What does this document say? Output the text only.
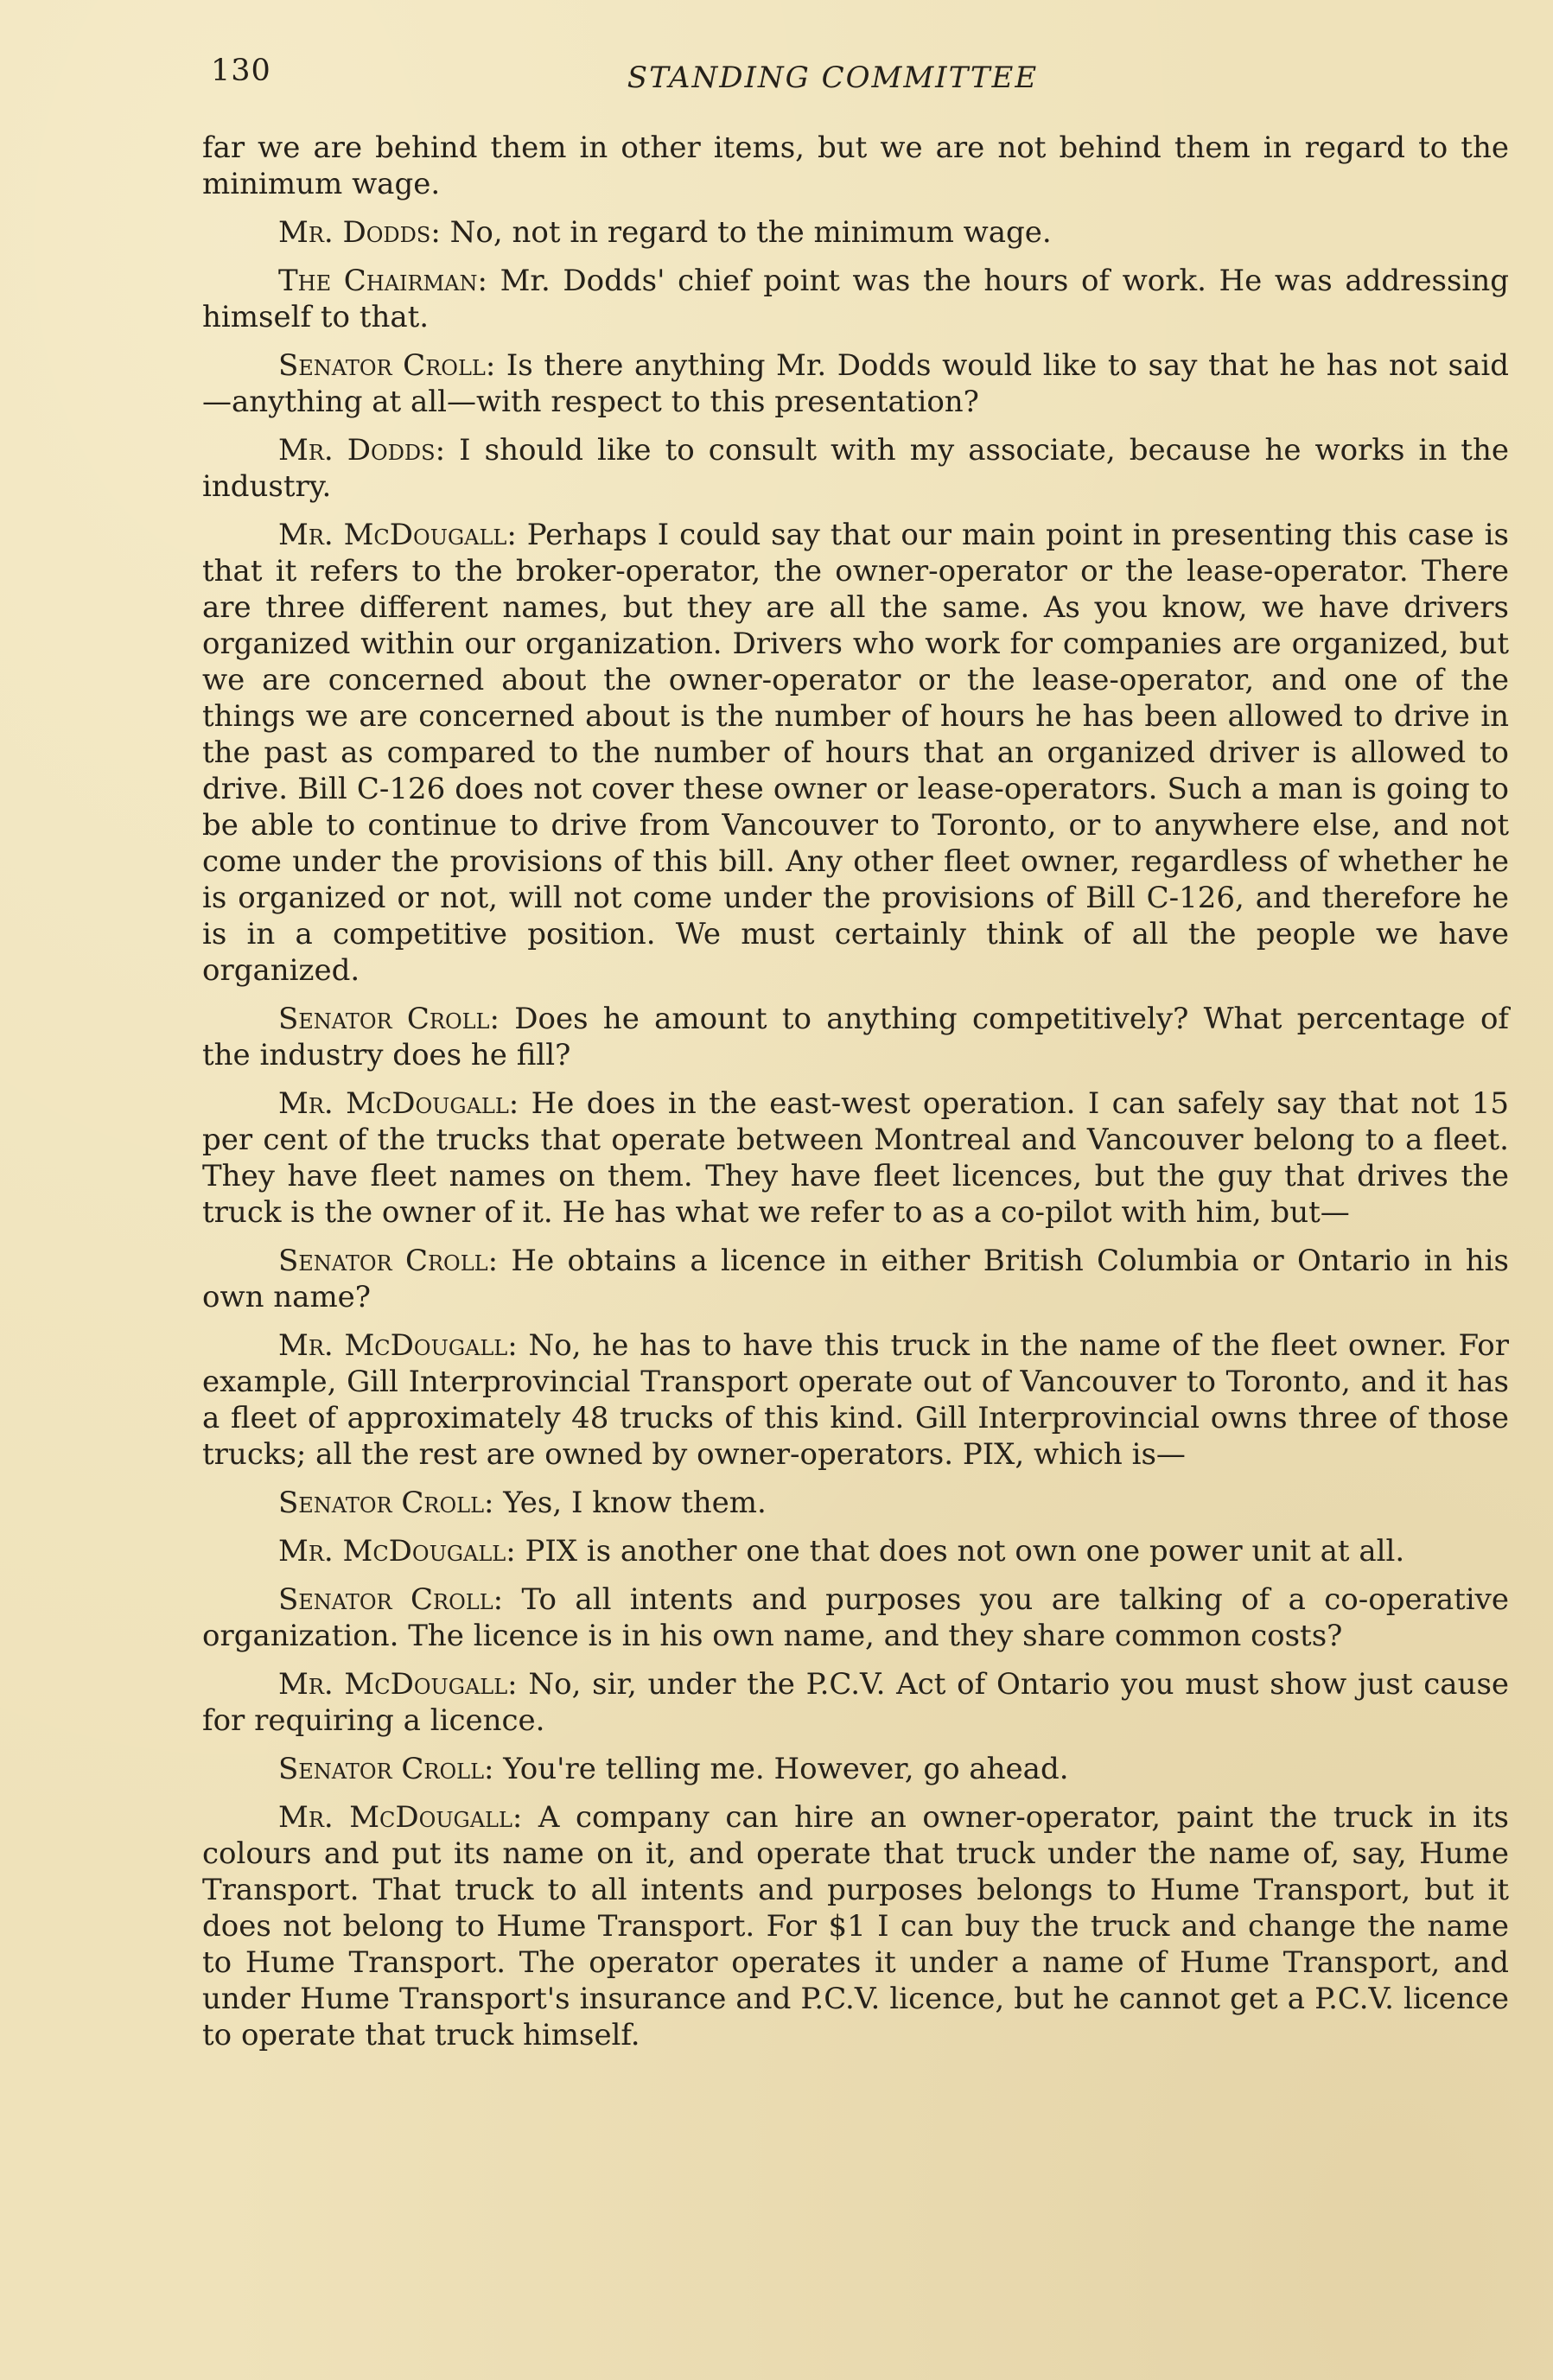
130	STANDING COMMITTEE

far we are behind them in other items, but we are not behind them in regard to the minimum wage.

Mr. Dodds: No, not in regard to the minimum wage.

The Chairman: Mr. Dodds' chief point was the hours of work. He was addressing himself to that.

Senator Croll: Is there anything Mr. Dodds would like to say that he has not said—anything at all—with respect to this presentation?

Mr. Dodds: I should like to consult with my associate, because he works in the industry.

Mr. McDougall: Perhaps I could say that our main point in presenting this case is that it refers to the broker-operator, the owner-operator or the lease-operator. There are three different names, but they are all the same. As you know, we have drivers organized within our organization. Drivers who work for companies are organized, but we are concerned about the owner-operator or the lease-operator, and one of the things we are concerned about is the number of hours he has been allowed to drive in the past as compared to the number of hours that an organized driver is allowed to drive. Bill C-126 does not cover these owner or lease-operators. Such a man is going to be able to continue to drive from Vancouver to Toronto, or to anywhere else, and not come under the provisions of this bill. Any other fleet owner, regardless of whether he is organized or not, will not come under the provisions of Bill C-126, and therefore he is in a competitive position. We must certainly think of all the people we have organized.

Senator Croll: Does he amount to anything competitively? What percentage of the industry does he fill?

Mr. McDougall: He does in the east-west operation. I can safely say that not 15 per cent of the trucks that operate between Montreal and Vancouver belong to a fleet. They have fleet names on them. They have fleet licences, but the guy that drives the truck is the owner of it. He has what we refer to as a co-pilot with him, but—

Senator Croll: He obtains a licence in either British Columbia or Ontario in his own name?

Mr. McDougall: No, he has to have this truck in the name of the fleet owner. For example, Gill Interprovincial Transport operate out of Vancouver to Toronto, and it has a fleet of approximately 48 trucks of this kind. Gill Interprovincial owns three of those trucks; all the rest are owned by owner-operators. PIX, which is—

Senator Croll: Yes, I know them.

Mr. McDougall: PIX is another one that does not own one power unit at all.

Senator Croll: To all intents and purposes you are talking of a co-operative organization. The licence is in his own name, and they share common costs?

Mr. McDougall: No, sir, under the P.C.V. Act of Ontario you must show just cause for requiring a licence.

Senator Croll: You're telling me. However, go ahead.

Mr. McDougall: A company can hire an owner-operator, paint the truck in its colours and put its name on it, and operate that truck under the name of, say, Hume Transport. That truck to all intents and purposes belongs to Hume Transport, but it does not belong to Hume Transport. For $1 I can buy the truck and change the name to Hume Transport. The operator operates it under a name of Hume Transport, and under Hume Transport's insurance and P.C.V. licence, but he cannot get a P.C.V. licence to operate that truck himself.
